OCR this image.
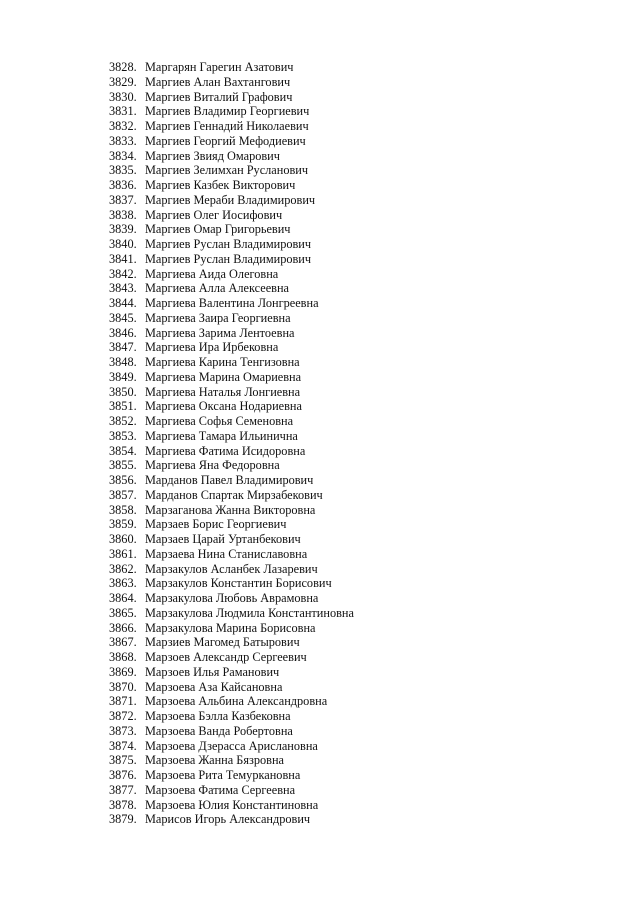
3828. Маргарян Гарегин Азатович
3829. Маргиев Алан Вахтангович
3830. Маргиев Виталий Графович
3831. Маргиев Владимир Георгиевич
3832. Маргиев Геннадий Николаевич
3833. Маргиев Георгий Мефодиевич
3834. Маргиев Звияд Омарович
3835. Маргиев Зелимхан Русланович
3836. Маргиев Казбек Викторович
3837. Маргиев Мераби Владимирович
3838. Маргиев Олег Иосифович
3839. Маргиев Омар Григорьевич
3840. Маргиев Руслан Владимирович
3841. Маргиев Руслан Владимирович
3842. Маргиева Аида Олеговна
3843. Маргиева Алла Алексеевна
3844. Маргиева Валентина Лонгреевна
3845. Маргиева Заира Георгиевна
3846. Маргиева Зарима Лентоевна
3847. Маргиева Ира Ирбековна
3848. Маргиева Карина Тенгизовна
3849. Маргиева Марина Омариевна
3850. Маргиева Наталья Лонгиевна
3851. Маргиева Оксана Нодариевна
3852. Маргиева Софья Семеновна
3853. Маргиева Тамара Ильинична
3854. Маргиева Фатима Исидоровна
3855. Маргиева Яна Федоровна
3856. Марданов Павел Владимирович
3857. Марданов Спартак Мирзабекович
3858. Марзаганова Жанна Викторовна
3859. Марзаев Борис Георгиевич
3860. Марзаев Царай Уртанбекович
3861. Марзаева Нина Станиславовна
3862. Марзакулов Асланбек Лазаревич
3863. Марзакулов Константин Борисович
3864. Марзакулова Любовь Аврамовна
3865. Марзакулова Людмила Константиновна
3866. Марзакулова Марина Борисовна
3867. Марзиев Магомед Батырович
3868. Марзоев Александр Сергеевич
3869. Марзоев Илья Раманович
3870. Марзоева Аза Кайсановна
3871. Марзоева Альбина Александровна
3872. Марзоева Бэлла Казбековна
3873. Марзоева Ванда Робертовна
3874. Марзоева Дзерасса Арислановна
3875. Марзоева Жанна Бязровна
3876. Марзоева Рита Темуркановна
3877. Марзоева Фатима Сергеевна
3878. Марзоева Юлия Константиновна
3879. Марисов Игорь Александрович
